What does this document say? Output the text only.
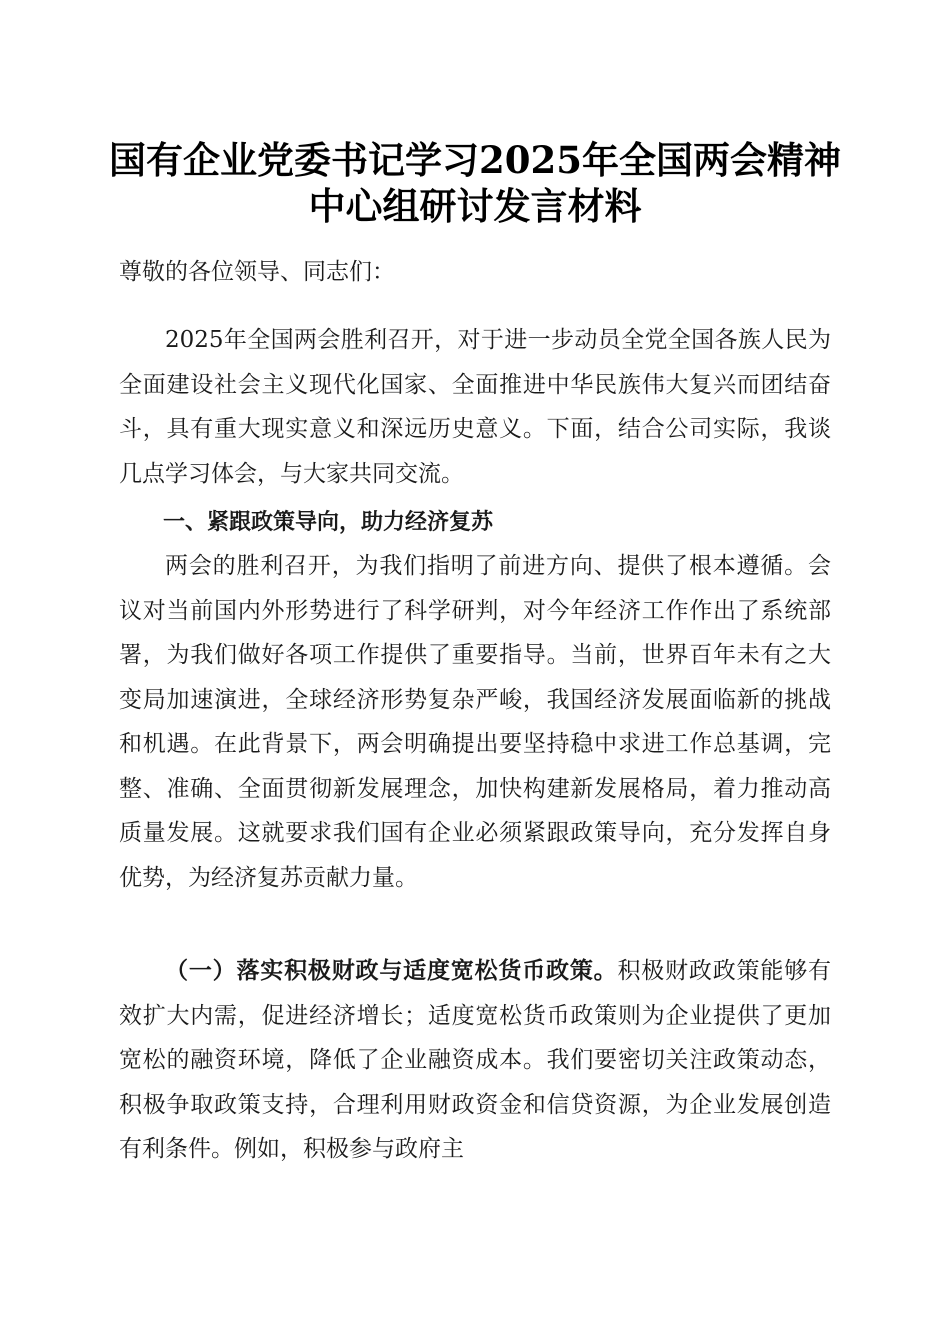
国有企业党委书记学习2025年全国两会精神
中心组研讨发言材料
尊敬的各位领导、同志们：

2025年全国两会胜利召开，对于进一步动员全党全国各族人民为全面建设社会主义现代化国家、全面推进中华民族伟大复兴而团结奋斗，具有重大现实意义和深远历史意义。下面，结合公司实际，我谈几点学习体会，与大家共同交流。

一、紧跟政策导向，助力经济复苏

两会的胜利召开，为我们指明了前进方向、提供了根本遵循。会议对当前国内外形势进行了科学研判，对今年经济工作作出了系统部署，为我们做好各项工作提供了重要指导。当前，世界百年未有之大变局加速演进，全球经济形势复杂严峻，我国经济发展面临新的挑战和机遇。在此背景下，两会明确提出要坚持稳中求进工作总基调，完整、准确、全面贯彻新发展理念，加快构建新发展格局，着力推动高质量发展。这就要求我们国有企业必须紧跟政策导向，充分发挥自身优势，为经济复苏贡献力量。

（一）落实积极财政与适度宽松货币政策。积极财政政策能够有效扩大内需，促进经济增长；适度宽松货币政策则为企业提供了更加宽松的融资环境，降低了企业融资成本。我们要密切关注政策动态，积极争取政策支持，合理利用财政资金和信贷资源，为企业发展创造有利条件。例如，积极参与政府主
